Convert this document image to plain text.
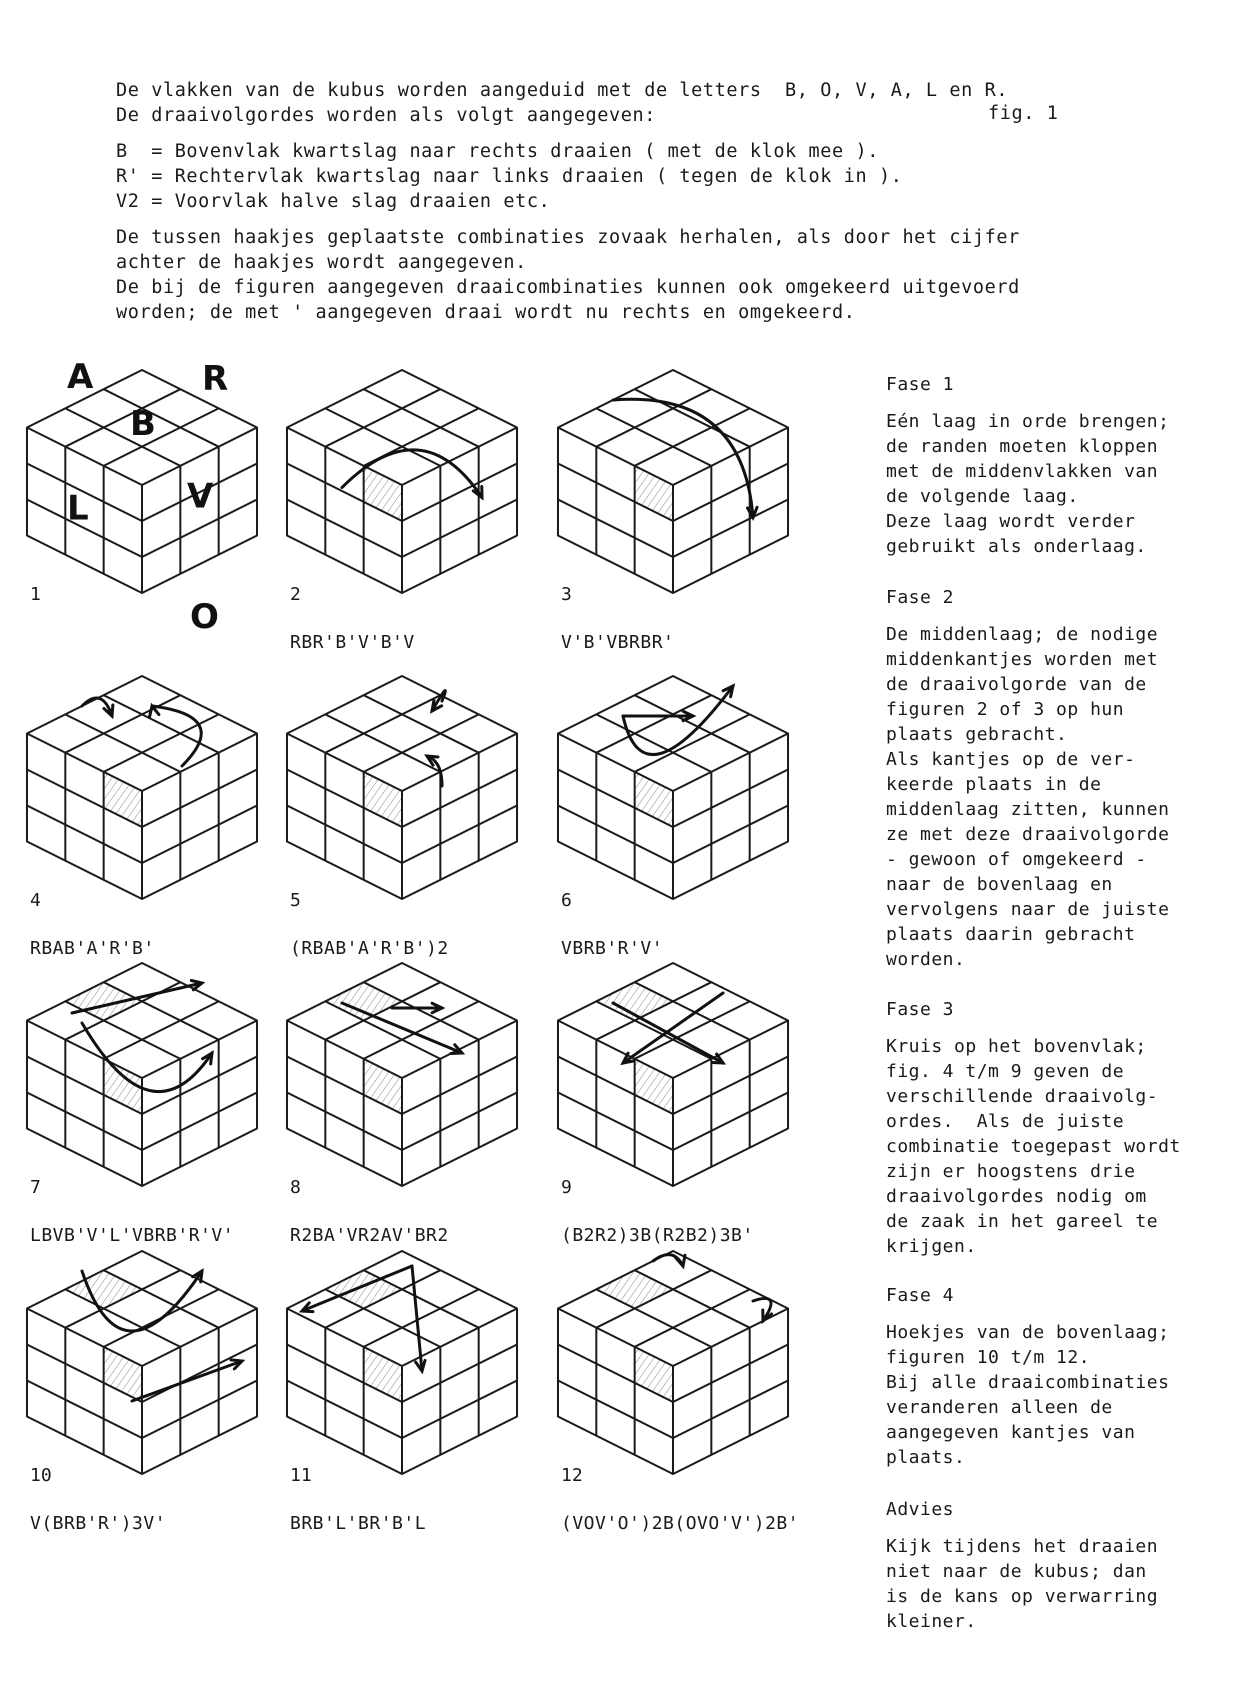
De vlakken van de kubus worden aangeduid met de letters  B, O, V, A, L en R.

De draaivolgordes worden als volgt aangegeven:

B  = Bovenvlak kwartslag naar rechts draaien ( met de klok mee ).

R' = Rechtervlak kwartslag naar links draaien ( tegen de klok in ).

V2 = Voorvlak halve slag draaien etc.

De tussen haakjes geplaatste combinaties zovaak herhalen, als door het cijfer

achter de haakjes wordt aangegeven.

De bij de figuren aangegeven draaicombinaties kunnen ook omgekeerd uitgevoerd

worden; de met ' aangegeven draai wordt nu rechts en omgekeerd.

fig. 1
A	R
B
L	V
O
1	2
RBR'B'V'B'V
3
V'B'VBRBR'
4
RBAB'A'R'B'
5
(RBAB'A'R'B')2
6
VBRB'R'V'
7
LBVB'V'L'VBRB'R'V'
8
R2BA'VR2AV'BR2
9
(B2R2)3B(R2B2)3B'
10
V(BRB'R')3V'
11
BRB'L'BR'B'L
12
(VOV'O')2B(OVO'V')2B'

Fase 1

Eén laag in orde brengen;

de randen moeten kloppen

met de middenvlakken van

de volgende laag.

Deze laag wordt verder

gebruikt als onderlaag.

Fase 2

De middenlaag; de nodige

middenkantjes worden met

de draaivolgorde van de

figuren 2 of 3 op hun

plaats gebracht.

Als kantjes op de ver-

keerde plaats in de

middenlaag zitten, kunnen

ze met deze draaivolgorde

- gewoon of omgekeerd -

naar de bovenlaag en

vervolgens naar de juiste

plaats daarin gebracht

worden.

Fase 3

Kruis op het bovenvlak;

fig. 4 t/m 9 geven de

verschillende draaivolg-

ordes.  Als de juiste

combinatie toegepast wordt

zijn er hoogstens drie

draaivolgordes nodig om

de zaak in het gareel te

krijgen.

Fase 4

Hoekjes van de bovenlaag;

figuren 10 t/m 12.

Bij alle draaicombinaties

veranderen alleen de

aangegeven kantjes van

plaats.

Advies

Kijk tijdens het draaien

niet naar de kubus; dan

is de kans op verwarring

kleiner.
